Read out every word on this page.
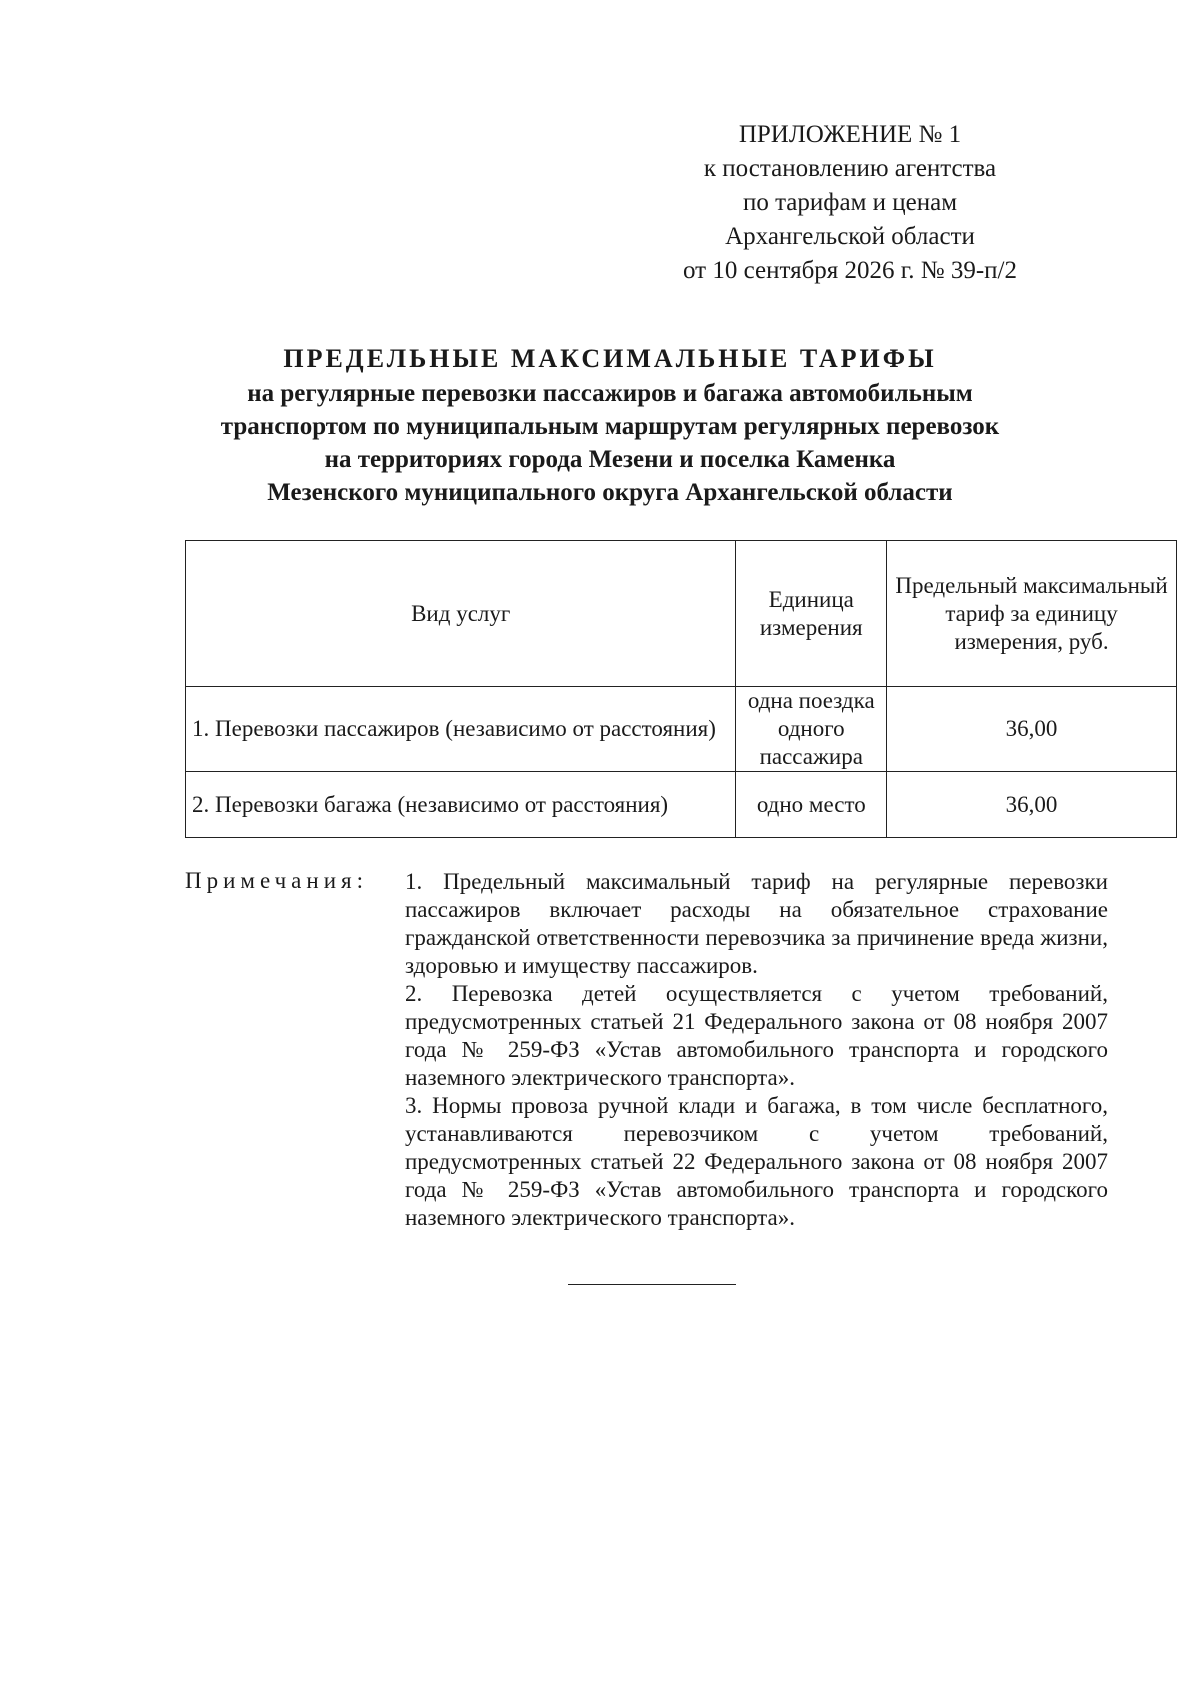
ПРИЛОЖЕНИЕ № 1
к постановлению агентства
по тарифам и ценам
Архангельской области
от 10 сентября 2026 г. № 39-п/2
ПРЕДЕЛЬНЫЕ МАКСИМАЛЬНЫЕ ТАРИФЫ
на регулярные перевозки пассажиров и багажа автомобильным
транспортом по муниципальным маршрутам регулярных перевозок
на территориях города Мезени и поселка Каменка
Мезенского муниципального округа Архангельской области
Вид услуг	Единица измерения	Предельный максимальный тариф за единицу измерения, руб.
1. Перевозки пассажиров (независимо от расстояния)	одна поездка одного пассажира	36,00
2. Перевозки багажа (независимо от расстояния)	одно место	36,00
Примечания: 1. Предельный максимальный тариф на регулярные перевозки пассажиров включает расходы на обязательное страхование гражданской ответственности перевозчика за причинение вреда жизни, здоровью и имуществу пассажиров.

2. Перевозка детей осуществляется с учетом требований, предусмотренных статьей 21 Федерального закона от 08 ноября 2007 года № 259-ФЗ «Устав автомобильного транспорта и городского наземного электрического транспорта».

3. Нормы провоза ручной клади и багажа, в том числе бесплатного, устанавливаются перевозчиком с учетом требований, предусмотренных статьей 22 Федерального закона от 08 ноября 2007 года № 259-ФЗ «Устав автомобильного транспорта и городского наземного электрического транспорта».
